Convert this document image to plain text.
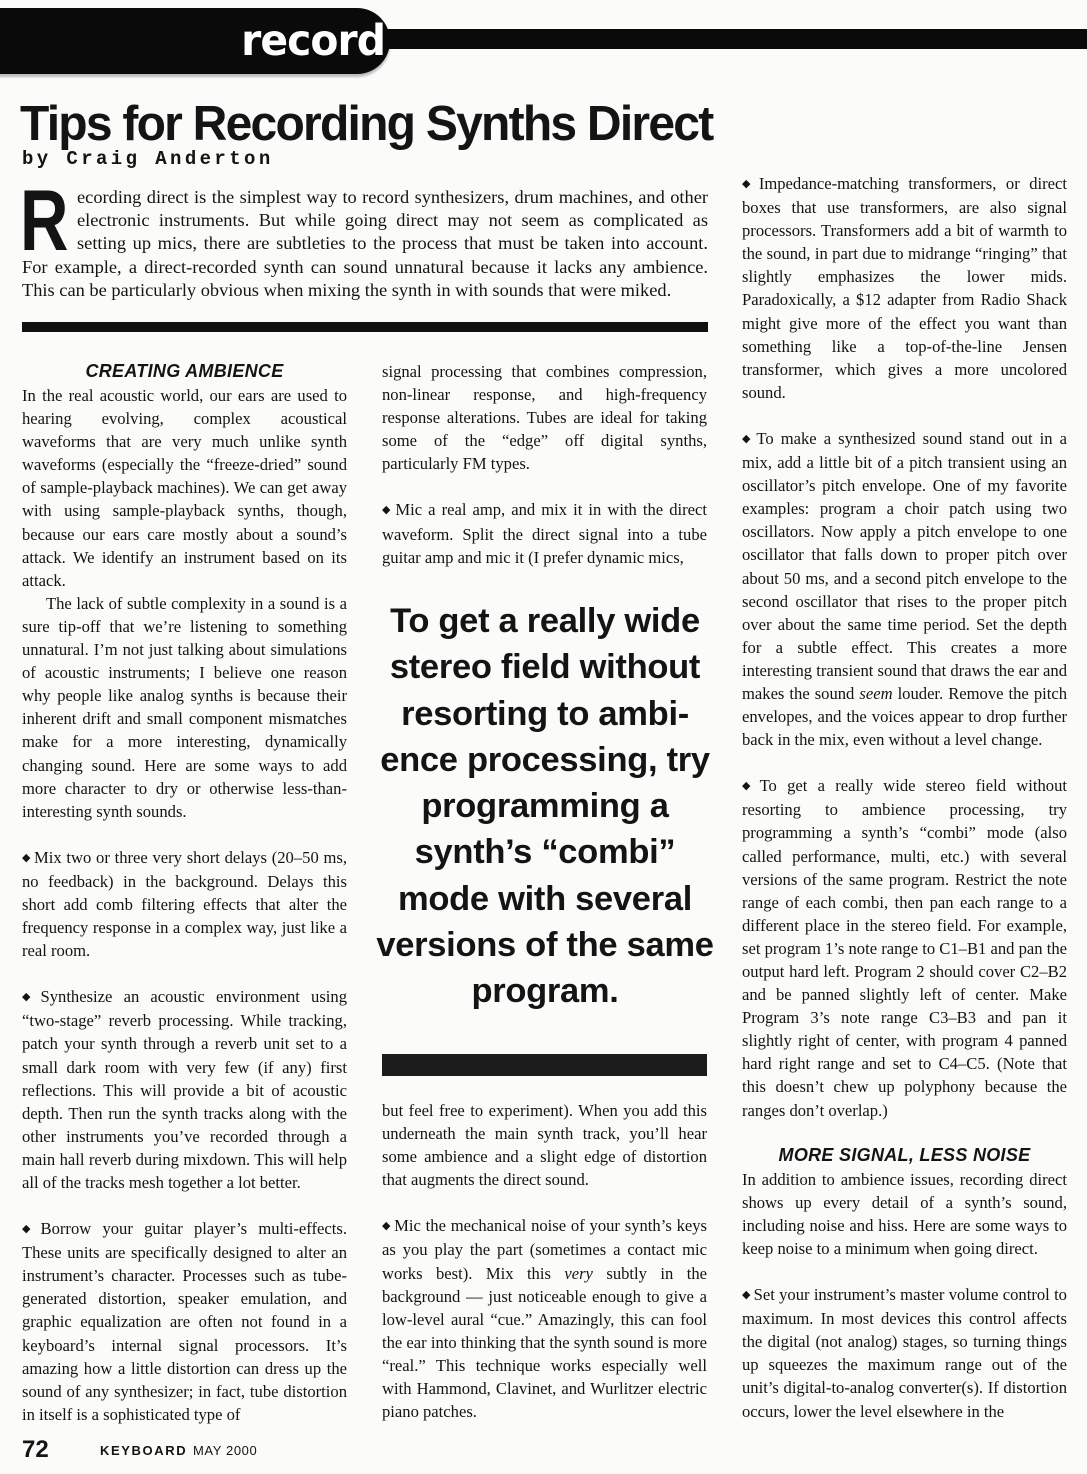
record
Tips for Recording Synths Direct
by Craig Anderton
Recording direct is the simplest way to record synthesizers, drum machines, and other electronic instruments. But while going direct may not seem as complicated as setting up mics, there are subtleties to the process that must be taken into account. For example, a direct-recorded synth can sound unnatural because it lacks any ambience. This can be particularly obvious when mixing the synth in with sounds that were miked.
CREATING AMBIENCE

In the real acoustic world, our ears are used to hearing evolving, complex acoustical waveforms that are very much unlike synth waveforms (especially the “freeze-dried” sound of sample-playback machines). We can get away with using sample-playback synths, though, because our ears care mostly about a sound’s attack. We identify an instrument based on its attack.

The lack of subtle complexity in a sound is a sure tip-off that we’re listening to something unnatural. I’m not just talking about simulations of acoustic instruments; I believe one reason why people like analog synths is because their inherent drift and small component mismatches make for a more interesting, dynamically changing sound. Here are some ways to add more character to dry or otherwise less-than-interesting synth sounds.

◆ Mix two or three very short delays (20–50 ms, no feedback) in the background. Delays this short add comb filtering effects that alter the frequency response in a complex way, just like a real room.

◆ Synthesize an acoustic environment using “two-stage” reverb processing. While tracking, patch your synth through a reverb unit set to a small dark room with very few (if any) first reflections. This will provide a bit of acoustic depth. Then run the synth tracks along with the other instruments you’ve recorded through a main hall reverb during mixdown. This will help all of the tracks mesh together a lot better.

◆ Borrow your guitar player’s multi-effects. These units are specifically designed to alter an instrument’s character. Processes such as tube-generated distortion, speaker emulation, and graphic equalization are often not found in a keyboard’s internal signal processors. It’s amazing how a little distortion can dress up the sound of any synthesizer; in fact, tube distortion in itself is a sophisticated type of

signal processing that combines compression, non-linear response, and high-frequency response alterations. Tubes are ideal for taking some of the “edge” off digital synths, particularly FM types.

◆ Mic a real amp, and mix it in with the direct waveform. Split the direct signal into a tube guitar amp and mic it (I prefer dynamic mics,

To get a really wide stereo field without resorting to ambi-ence processing, try programming a synth’s “combi” mode with several versions of the same program.

but feel free to experiment). When you add this underneath the main synth track, you’ll hear some ambience and a slight edge of distortion that augments the direct sound.

◆ Mic the mechanical noise of your synth’s keys as you play the part (sometimes a contact mic works best). Mix this very subtly in the background — just noticeable enough to give a low-level aural “cue.” Amazingly, this can fool the ear into thinking that the synth sound is more “real.” This technique works especially well with Hammond, Clavinet, and Wurlitzer electric piano patches.

◆ Impedance-matching transformers, or direct boxes that use transformers, are also signal processors. Transformers add a bit of warmth to the sound, in part due to midrange “ringing” that slightly emphasizes the lower mids. Paradoxically, a $12 adapter from Radio Shack might give more of the effect you want than something like a top-of-the-line Jensen transformer, which gives a more uncolored sound.

◆ To make a synthesized sound stand out in a mix, add a little bit of a pitch transient using an oscillator’s pitch envelope. One of my favorite examples: program a choir patch using two oscillators. Now apply a pitch envelope to one oscillator that falls down to proper pitch over about 50 ms, and a second pitch envelope to the second oscillator that rises to the proper pitch over about the same time period. Set the depth for a subtle effect. This creates a more interesting transient sound that draws the ear and makes the sound seem louder. Remove the pitch envelopes, and the voices appear to drop further back in the mix, even without a level change.

◆ To get a really wide stereo field without resorting to ambience processing, try programming a synth’s “combi” mode (also called performance, multi, etc.) with several versions of the same program. Restrict the note range of each combi, then pan each range to a different place in the stereo field. For example, set program 1’s note range to C1–B1 and pan the output hard left. Program 2 should cover C2–B2 and be panned slightly left of center. Make Program 3’s note range C3–B3 and pan it slightly right of center, with program 4 panned hard right range and set to C4–C5. (Note that this doesn’t chew up polyphony because the ranges don’t overlap.)

MORE SIGNAL, LESS NOISE

In addition to ambience issues, recording direct shows up every detail of a synth’s sound, including noise and hiss. Here are some ways to keep noise to a minimum when going direct.

◆ Set your instrument’s master volume control to maximum. In most devices this control affects the digital (not analog) stages, so turning things up squeezes the maximum range out of the unit’s digital-to-analog converter(s). If distortion occurs, lower the level elsewhere in the

72	KEYBOARD MAY 2000
